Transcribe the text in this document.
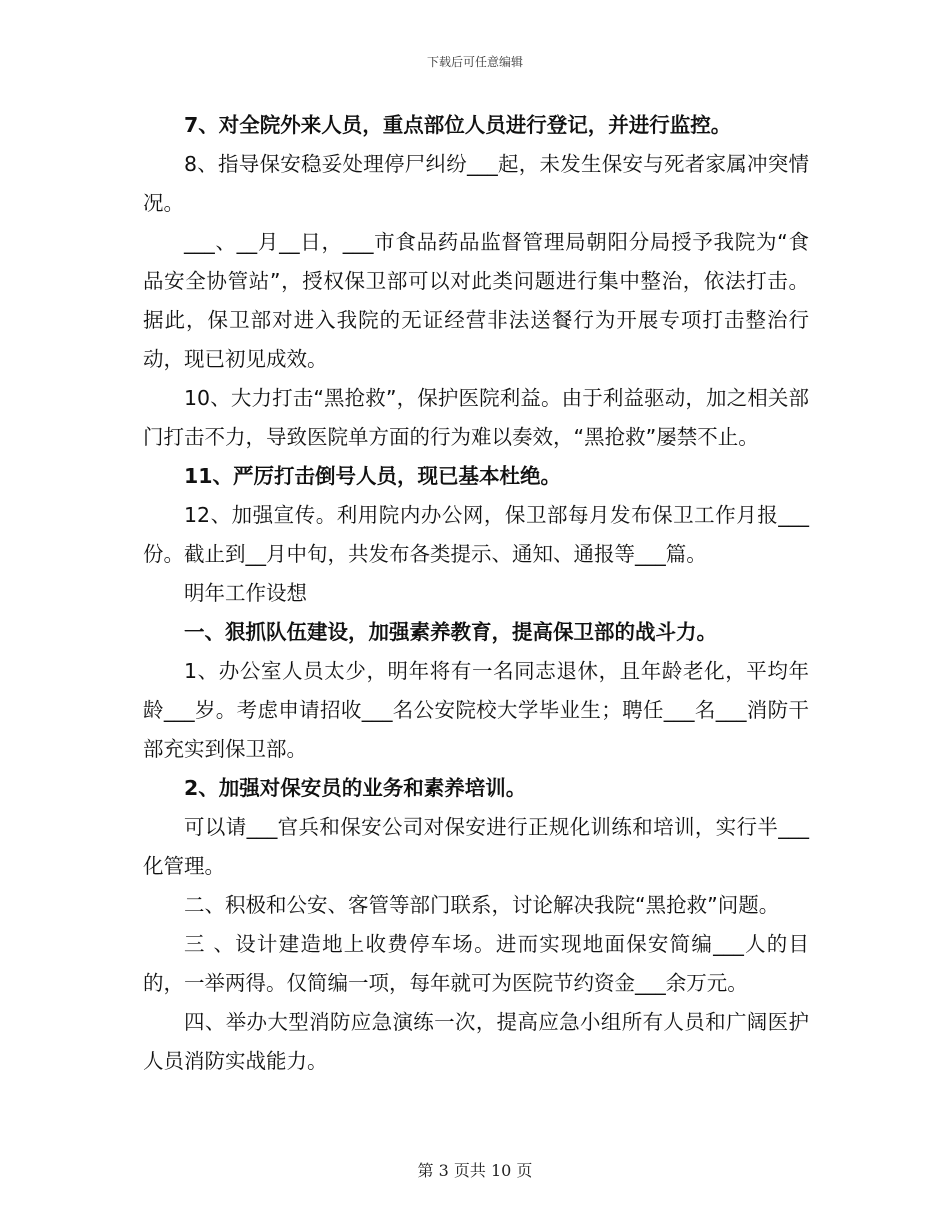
下载后可任意编辑

7、对全院外来人员，重点部位人员进行登记，并进行监控。

8、指导保安稳妥处理停尸纠纷___起，未发生保安与死者家属冲突情况。

___、__月__日，___市食品药品监督管理局朝阳分局授予我院为“食品安全协管站”，授权保卫部可以对此类问题进行集中整治，依法打击。据此，保卫部对进入我院的无证经营非法送餐行为开展专项打击整治行动，现已初见成效。

10、大力打击“黑抢救”，保护医院利益。由于利益驱动，加之相关部门打击不力，导致医院单方面的行为难以奏效，“黑抢救”屡禁不止。

11、严厉打击倒号人员，现已基本杜绝。

12、加强宣传。利用院内办公网，保卫部每月发布保卫工作月报___份。截止到__月中旬，共发布各类提示、通知、通报等___篇。

明年工作设想

一、狠抓队伍建设，加强素养教育，提高保卫部的战斗力。

1、办公室人员太少，明年将有一名同志退休，且年龄老化，平均年龄___岁。考虑申请招收___名公安院校大学毕业生；聘任___名___消防干部充实到保卫部。

2、加强对保安员的业务和素养培训。

可以请___官兵和保安公司对保安进行正规化训练和培训，实行半___化管理。

二、积极和公安、客管等部门联系，讨论解决我院“黑抢救”问题。

三 、设计建造地上收费停车场。进而实现地面保安简编___人的目的，一举两得。仅简编一项，每年就可为医院节约资金___余万元。

四、举办大型消防应急演练一次，提高应急小组所有人员和广阔医护人员消防实战能力。

第 3 页共 10 页
